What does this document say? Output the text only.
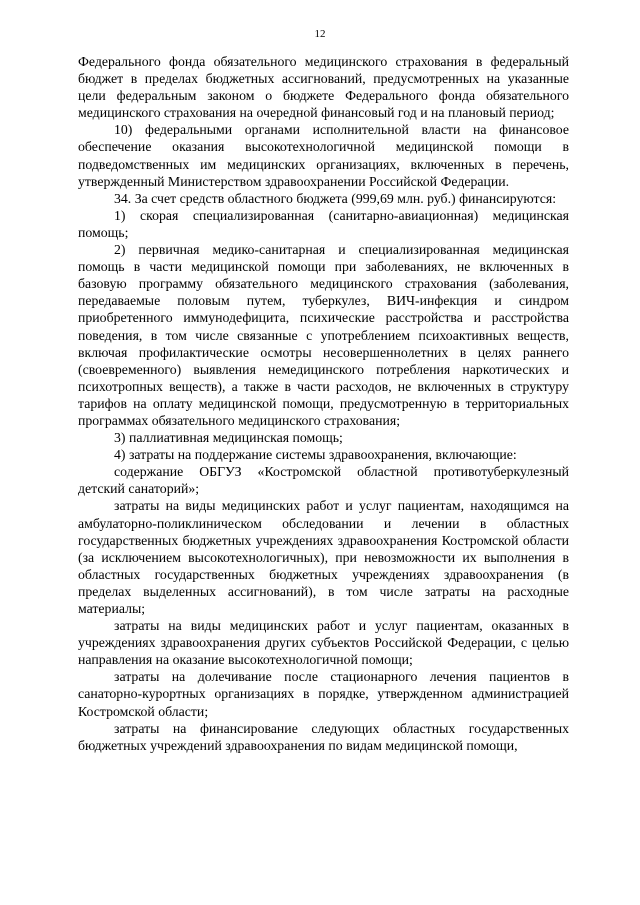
12

Федерального фонда обязательного медицинского страхования в федеральный бюджет в пределах бюджетных ассигнований, предусмотренных на указанные цели федеральным законом о бюджете Федерального фонда обязательного медицинского страхования на очередной финансовый год и на плановый период;

10) федеральными органами исполнительной власти на финансовое обеспечение оказания высокотехнологичной медицинской помощи в подведомственных им медицинских организациях, включенных в перечень, утвержденный Министерством здравоохранении Российской Федерации.

34. За счет средств областного бюджета (999,69 млн. руб.) финансируются:

1) скорая специализированная (санитарно-авиационная) медицинская помощь;

2) первичная медико-санитарная и специализированная медицинская помощь в части медицинской помощи при заболеваниях, не включенных в базовую программу обязательного медицинского страхования (заболевания, передаваемые половым путем, туберкулез, ВИЧ-инфекция и синдром приобретенного иммунодефицита, психические расстройства и расстройства поведения, в том числе связанные с употреблением психоактивных веществ, включая профилактические осмотры несовершеннолетних в целях раннего (своевременного) выявления немедицинского потребления наркотических и психотропных веществ), а также в части расходов, не включенных в структуру тарифов на оплату медицинской помощи, предусмотренную в территориальных программах обязательного медицинского страхования;

3) паллиативная медицинская помощь;

4) затраты на поддержание системы здравоохранения, включающие:

содержание ОБГУЗ «Костромской областной противотуберкулезный детский санаторий»;

затраты на виды медицинских работ и услуг пациентам, находящимся на амбулаторно-поликлиническом обследовании и лечении в областных государственных бюджетных учреждениях здравоохранения Костромской области (за исключением высокотехнологичных), при невозможности их выполнения в областных государственных бюджетных учреждениях здравоохранения (в пределах выделенных ассигнований), в том числе затраты на расходные материалы;

затраты на виды медицинских работ и услуг пациентам, оказанных в учреждениях здравоохранения других субъектов Российской Федерации, с целью направления на оказание высокотехнологичной помощи;

затраты на долечивание после стационарного лечения пациентов в санаторно-курортных организациях в порядке, утвержденном администрацией Костромской области;

затраты на финансирование следующих областных государственных бюджетных учреждений здравоохранения по видам медицинской помощи,
